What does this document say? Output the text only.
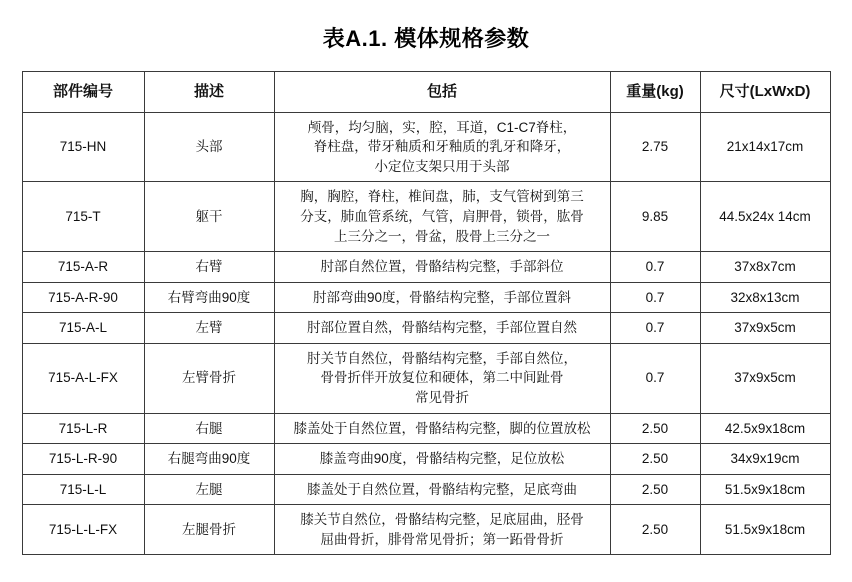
表A.1. 模体规格参数
部件编号	描述	包括	重量(kg)	尺寸(LxWxD)
715-HN	头部	颅骨，均匀脑，实，腔，耳道，C1-C7脊柱，
脊柱盘，带牙釉质和牙釉质的乳牙和降牙，
小定位支架只用于头部	2.75	21x14x17cm
715-T	躯干	胸，胸腔，脊柱，椎间盘，肺，支气管树到第三
分支，肺血管系统，气管，肩胛骨，锁骨，肱骨
上三分之一，骨盆，股骨上三分之一	9.85	44.5x24x 14cm
715-A-R	右臂	肘部自然位置，骨骼结构完整，手部斜位	0.7	37x8x7cm
715-A-R-90	右臂弯曲90度	肘部弯曲90度，骨骼结构完整，手部位置斜	0.7	32x8x13cm
715-A-L	左臂	肘部位置自然，骨骼结构完整，手部位置自然	0.7	37x9x5cm
715-A-L-FX	左臂骨折	肘关节自然位，骨骼结构完整，手部自然位，
骨骨折伴开放复位和硬体，第二中间趾骨
常见骨折	0.7	37x9x5cm
715-L-R	右腿	膝盖处于自然位置，骨骼结构完整，脚的位置放松	2.50	42.5x9x18cm
715-L-R-90	右腿弯曲90度	膝盖弯曲90度，骨骼结构完整，足位放松	2.50	34x9x19cm
715-L-L	左腿	膝盖处于自然位置，骨骼结构完整，足底弯曲	2.50	51.5x9x18cm
715-L-L-FX	左腿骨折	膝关节自然位，骨骼结构完整，足底屈曲，胫骨
屈曲骨折，腓骨常见骨折；第一跖骨骨折	2.50	51.5x9x18cm
